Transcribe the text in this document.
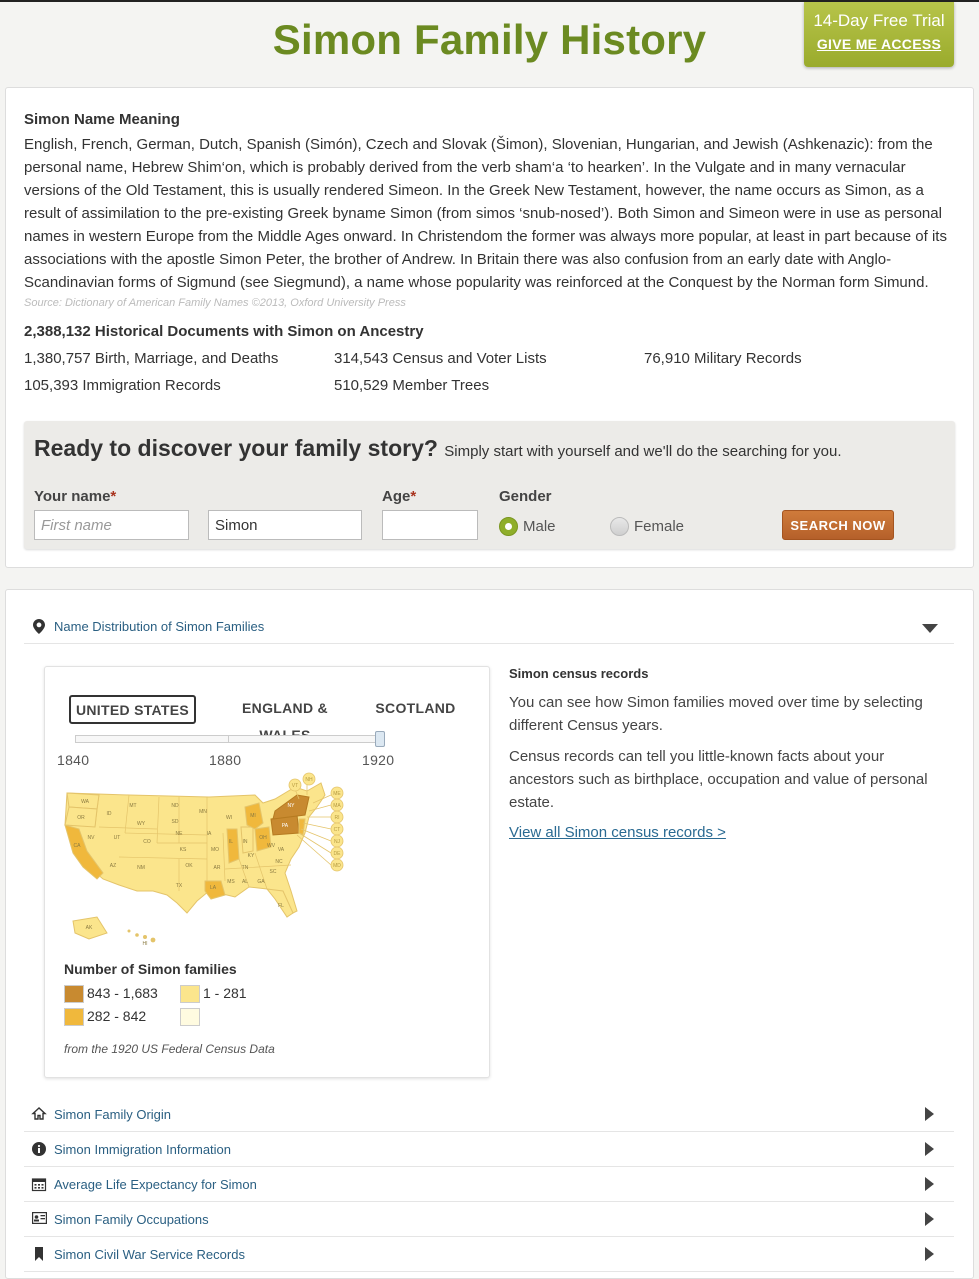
Simon Family History	14-Day Free Trial
GIVE ME ACCESS
Simon Name Meaning
English, French, German, Dutch, Spanish (Simón), Czech and Slovak (Šimon), Slovenian, Hungarian, and Jewish (Ashkenazic): from the personal name, Hebrew Shim‘on, which is probably derived from the verb sham‘a ‘to hearken’. In the Vulgate and in many vernacular versions of the Old Testament, this is usually rendered Simeon. In the Greek New Testament, however, the name occurs as Simon, as a result of assimilation to the pre-existing Greek byname Simon (from simos ‘snub-nosed’). Both Simon and Simeon were in use as personal names in western Europe from the Middle Ages onward. In Christendom the former was always more popular, at least in part because of its associations with the apostle Simon Peter, the brother of Andrew. In Britain there was also confusion from an early date with Anglo-Scandinavian forms of Sigmund (see Siegmund), a name whose popularity was reinforced at the Conquest by the Norman form Simund.
Source: Dictionary of American Family Names ©2013, Oxford University Press
2,388,132 Historical Documents with Simon on Ancestry
1,380,757 Birth, Marriage, and Deaths	314,543 Census and Voter Lists	76,910 Military Records
105,393 Immigration Records	510,529 Member Trees
Ready to discover your family story? Simply start with yourself and we'll do the searching for you.
Your name*
First name
Simon	Age*	Gender
Male	Female	SEARCH NOW
Name Distribution of Simon Families
UNITED STATES	ENGLAND &	SCOTLAND
1840	1880	1920
WA
OR
CA
ID
NV
MT
WY
UT
AZ
CO
NM
ND
SD
NE
KS
OK
TX
MN
IA
MO
AR
LA
WI
IL
MI
IN
OH
KY
TN
MS AL GA
FL
SC
NC
VA
WV
PA
NY
VT
NH
ME
MA
RI
CT
NJ
DE
MD
AK
HI
Number of Simon families
843 - 1,683
282 - 842
1 - 281
from the 1920 US Federal Census Data
Simon census records
You can see how Simon families moved over time by selecting different Census years.
Census records can tell you little-known facts about your ancestors such as birthplace, occupation and value of personal estate.
View all Simon census records >
Simon Family Origin
Simon Immigration Information
Average Life Expectancy for Simon
Simon Family Occupations
Simon Civil War Service Records
